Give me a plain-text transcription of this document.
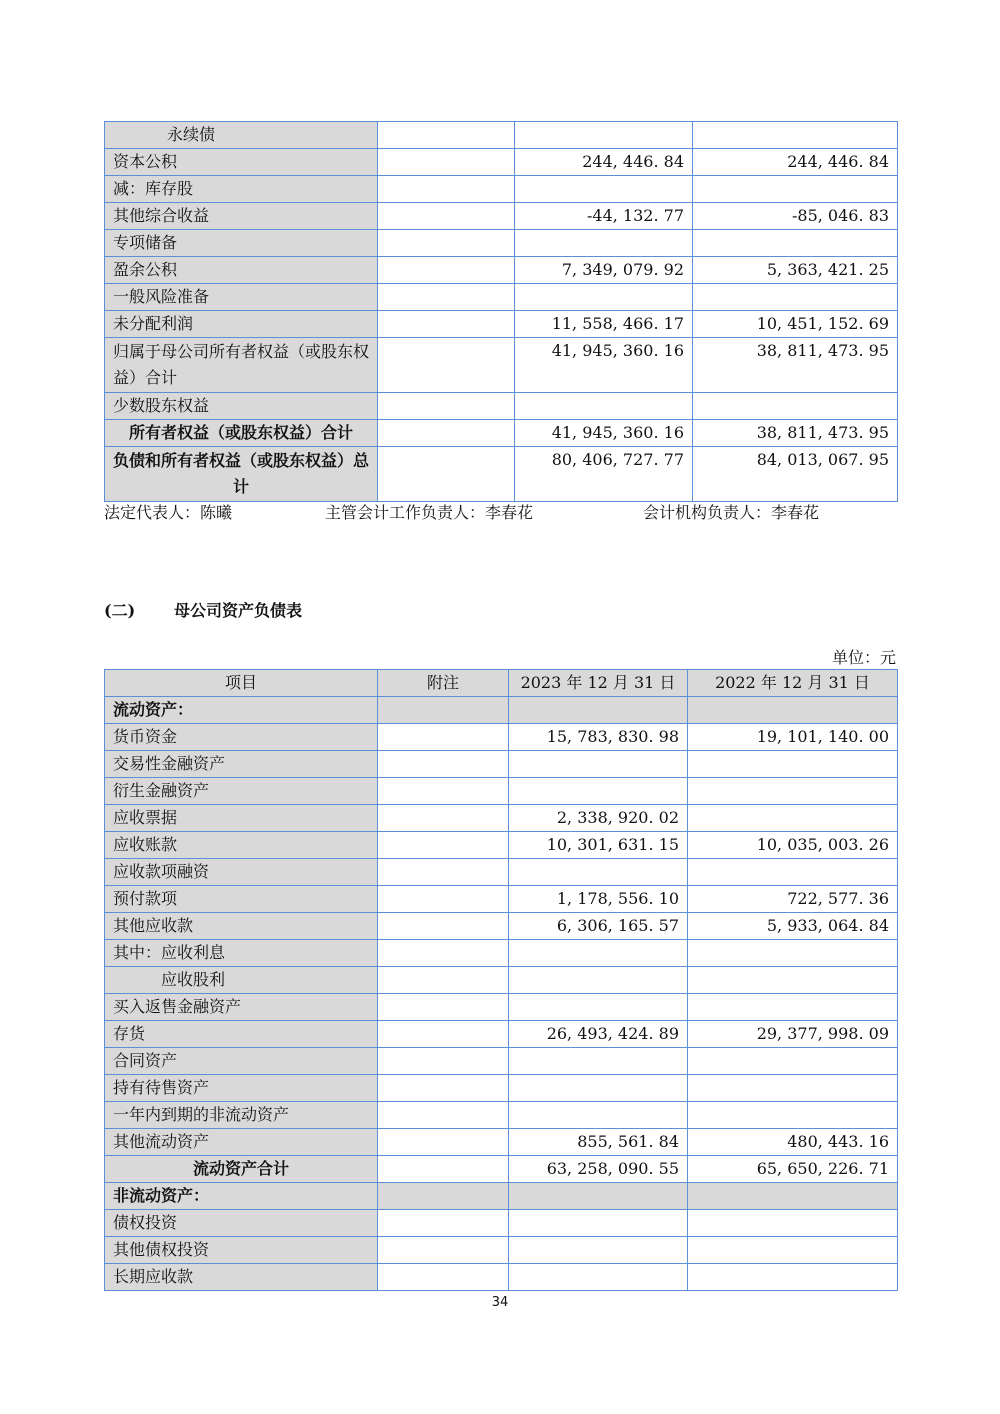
永续债			
资本公积		244, 446. 84	244, 446. 84
减：库存股			
其他综合收益		-44, 132. 77	-85, 046. 83
专项储备			
盈余公积		7, 349, 079. 92	5, 363, 421. 25
一般风险准备			
未分配利润		11, 558, 466. 17	10, 451, 152. 69
归属于母公司所有者权益（或股东权益）合计		41, 945, 360. 16	38, 811, 473. 95
少数股东权益			
所有者权益（或股东权益）合计		41, 945, 360. 16	38, 811, 473. 95
负债和所有者权益（或股东权益）总计		80, 406, 727. 77	84, 013, 067. 95
法定代表人：陈曦	主管会计工作负责人：李春花	会计机构负责人：李春花
(二) 母公司资产负债表
单位：元
项目	附注	2023 年 12 月 31 日	2022 年 12 月 31 日
流动资产：			
货币资金		15, 783, 830. 98	19, 101, 140. 00
交易性金融资产			
衍生金融资产			
应收票据		2, 338, 920. 02	
应收账款		10, 301, 631. 15	10, 035, 003. 26
应收款项融资			
预付款项		1, 178, 556. 10	722, 577. 36
其他应收款		6, 306, 165. 57	5, 933, 064. 84
其中：应收利息			
应收股利			
买入返售金融资产			
存货		26, 493, 424. 89	29, 377, 998. 09
合同资产			
持有待售资产			
一年内到期的非流动资产			
其他流动资产		855, 561. 84	480, 443. 16
流动资产合计		63, 258, 090. 55	65, 650, 226. 71
非流动资产：			
债权投资			
其他债权投资			
长期应收款			
34
